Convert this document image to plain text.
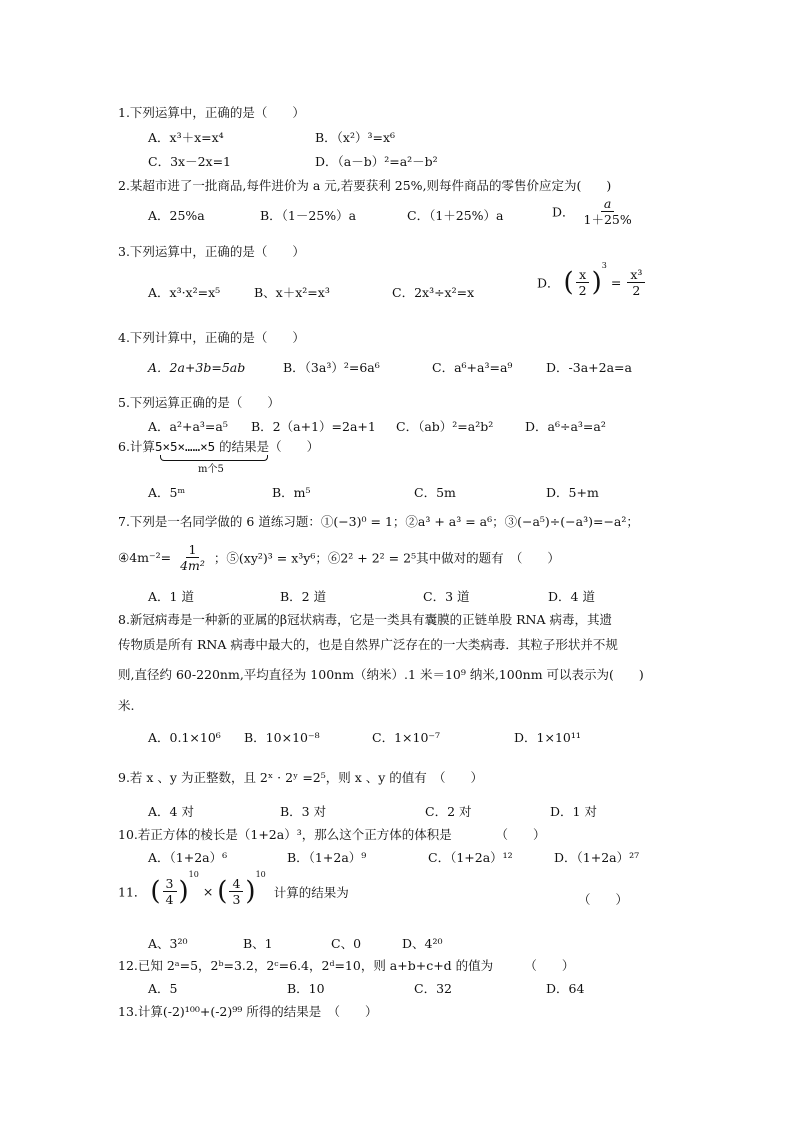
1.下列运算中，正确的是（　　）
A．x³＋x=x⁴	B．（x²）³=x⁶
C．3x－2x=1	D．（a－b）²=a²－b²
2.某超市进了一批商品,每件进价为 a 元,若要获利 25%,则每件商品的零售价应定为(　　)
A．25%a	B．（1－25%）a	C．（1＋25%）a	D． $\frac{a}{1+25\%}$
3.下列运算中，正确的是（　　）
A．x³·x²=x⁵	B、x＋x²=x³	C．2x³÷x²=x
D． ( $\frac{x}{2} )^3 = \frac{\text{x³}}{2}$
4.下列计算中，正确的是（　　）
A．2a+3b=5ab	B．（3a³）²=6a⁶	C．a⁶+a³=a⁹	D．-3a+2a=a
5.下列运算正确的是（　　）
A．a²+a³=a⁵ B．2（a+1）=2a+1 C．（ab）²=a²b²	D．a⁶÷a³=a²
6.计算5×5×……×5 的结果是（　　）
m个5
A．5ᵐ	B．m⁵	C．5m	D．5+m
7.下列是一名同学做的 6 道练习题：①(−3)⁰ = 1；②a³ + a³ = a⁶；③(−a⁵)÷(−a³)=−a²；
④4m⁻²= $\frac{1}{\text{4m²}}$ ；⑤(xy²)³ = x³y⁶；⑥2² + 2² = 2⁵其中做对的题有　（　　）
A．1 道	B．2 道	C．3 道	D．4 道
8.新冠病毒是一种新的亚属的β冠状病毒，它是一类具有囊膜的正链单股 RNA 病毒，其遗
传物质是所有 RNA 病毒中最大的，也是自然界广泛存在的一大类病毒．其粒子形状并不规
则,直径约 60-220nm,平均直径为 100nm（纳米）.1 米＝10⁹ 纳米,100nm 可以表示为(　　)
米.
A．0.1×10⁶ B．10×10⁻⁸	C．1×10⁻⁷	D．1×10¹¹
9.若 x 、y 为正整数，且 2ˣ · 2ʸ =2⁵，则 x 、y 的值有　（　　）
A．4 对	B．3 对	C．2 对	D．1 对
10.若正方体的棱长是（1+2a）³，那么这个正方体的体积是　　　　（　　）
A．（1+2a）⁶	B．（1+2a）⁹	C．（1+2a）¹²	D．（1+2a）²⁷
11． ( $\frac{3}{4} )^{10}$ × ( $\frac{4}{3} )^{10}$ 计算的结果为	（　　）
A、3²⁰	B、1	C、0	D、4²⁰
12.已知 2ᵃ=5，2ᵇ=3.2，2ᶜ=6.4，2ᵈ=10，则 a+b+c+d 的值为　　　（　　）
A．5	B．10	C．32	D．64
13.计算(-2)¹⁰⁰+(-2)⁹⁹ 所得的结果是　（　　）
